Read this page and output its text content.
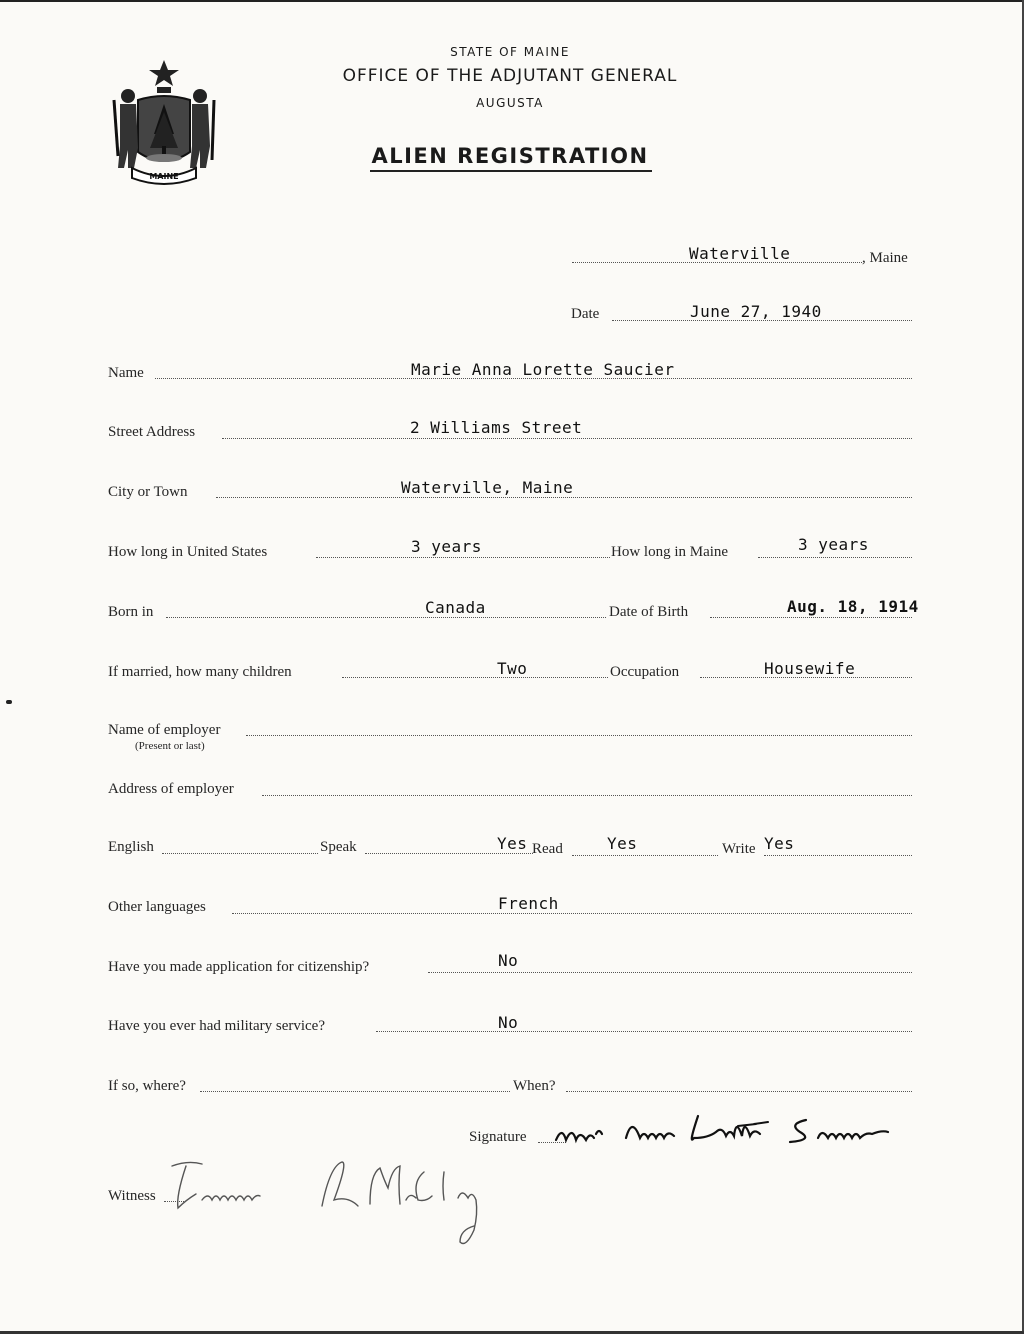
MAINE
STATE OF MAINE
OFFICE OF THE ADJUTANT GENERAL
AUGUSTA
ALIEN REGISTRATION
Waterville	, Maine
Date	June 27, 1940
Name	Marie Anna Lorette Saucier
Street Address	2 Williams Street
City or Town	Waterville, Maine
How long in United States	3 years	How long in Maine	3 years
Born in	Canada	Date of Birth	Aug. 18, 1914
If married, how many children	Two	Occupation	Housewife
Name of employer
(Present or last)
Address of employer
English	Speak	Yes Read	Yes	Write Yes
Other languages	French
Have you made application for citizenship?	No
Have you ever had military service?	No
If so, where?	When?
Signature
Witness
